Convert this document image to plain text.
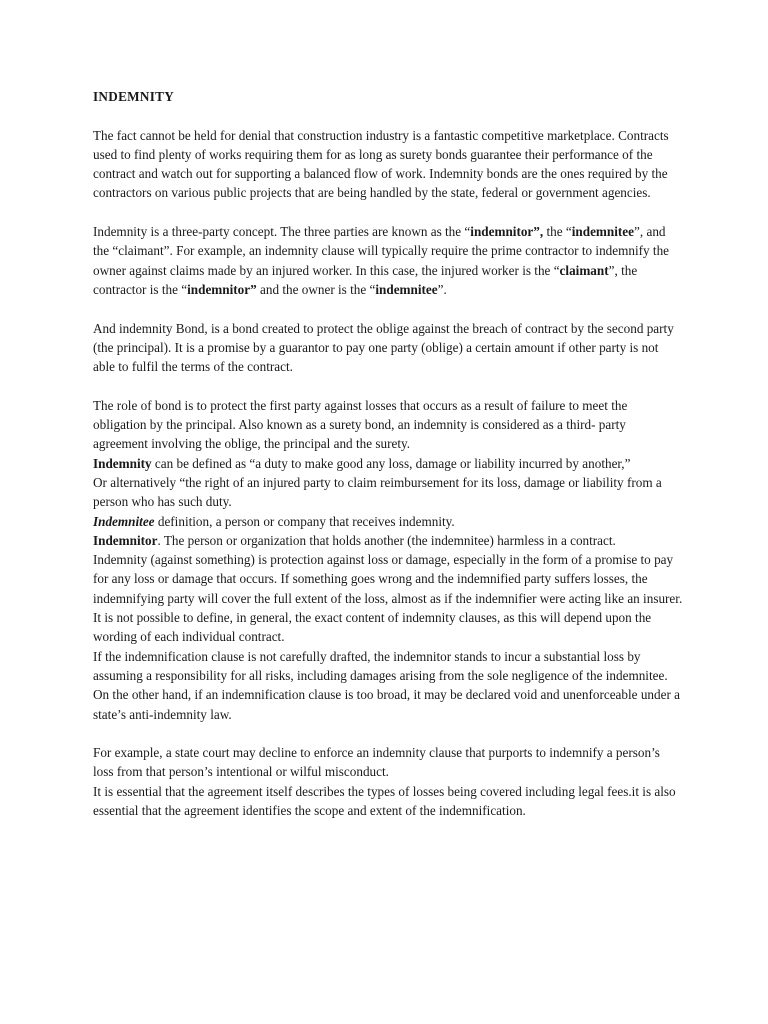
INDEMNITY

The fact cannot be held for denial that construction industry is a fantastic competitive marketplace. Contracts used to find plenty of works requiring them for as long as surety bonds guarantee their performance of the contract and watch out for supporting a balanced flow of work. Indemnity bonds are the ones required by the contractors on various public projects that are being handled by the state, federal or government agencies.

Indemnity is a three-party concept. The three parties are known as the “indemnitor”, the “indemnitee”, and the “claimant”. For example, an indemnity clause will typically require the prime contractor to indemnify the owner against claims made by an injured worker. In this case, the injured worker is the “claimant”, the contractor is the “indemnitor” and the owner is the “indemnitee”.

And indemnity Bond, is a bond created to protect the oblige against the breach of contract by the second party (the principal). It is a promise by a guarantor to pay one party (oblige) a certain amount if other party is not able to fulfil the terms of the contract.

The role of bond is to protect the first party against losses that occurs as a result of failure to meet the obligation by the principal. Also known as a surety bond, an indemnity is considered as a third- party agreement involving the oblige, the principal and the surety.

Indemnity can be defined as “a duty to make good any loss, damage or liability incurred by another,”

Or alternatively “the right of an injured party to claim reimbursement for its loss, damage or liability from a person who has such duty.

Indemnitee definition, a person or company that receives indemnity.

Indemnitor. The person or organization that holds another (the indemnitee) harmless in a contract.

Indemnity (against something) is protection against loss or damage, especially in the form of a promise to pay for any loss or damage that occurs. If something goes wrong and the indemnified party suffers losses, the indemnifying party will cover the full extent of the loss, almost as if the indemnifier were acting like an insurer. It is not possible to define, in general, the exact content of indemnity clauses, as this will depend upon the wording of each individual contract.

If the indemnification clause is not carefully drafted, the indemnitor stands to incur a substantial loss by assuming a responsibility for all risks, including damages arising from the sole negligence of the indemnitee. On the other hand, if an indemnification clause is too broad, it may be declared void and unenforceable under a state’s anti-indemnity law.

For example, a state court may decline to enforce an indemnity clause that purports to indemnify a person’s loss from that person’s intentional or wilful misconduct.

It is essential that the agreement itself describes the types of losses being covered including legal fees.it is also essential that the agreement identifies the scope and extent of the indemnification.
